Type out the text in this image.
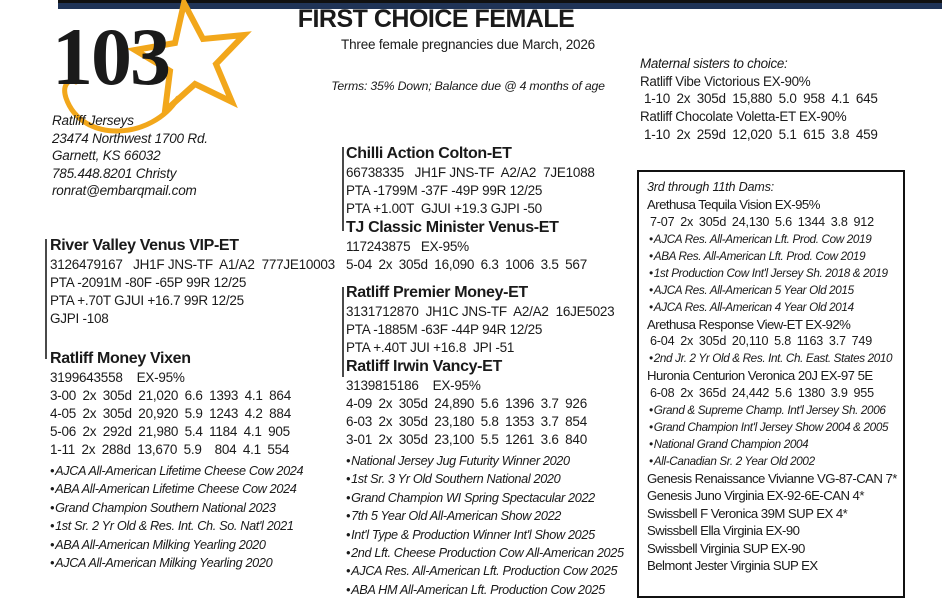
103
Ratliff Jerseys
23474 Northwest 1700 Rd.
Garnett, KS 66032
785.448.8201 Christy
ronrat@embarqmail.com
FIRST CHOICE FEMALE
Three female pregnancies due March, 2026
Terms: 35% Down; Balance due @ 4 months of age
Maternal sisters to choice:
Ratliff Vibe Victorious EX-90%
1-10 2x 305d 15,880 5.0 958 4.1 645
Ratliff Chocolate Voletta-ET EX-90%
1-10 2x 259d 12,020 5.1 615 3.8 459
River Valley Venus VIP-ET
3126479167   JH1F JNS-TF  A1/A2  777JE10003
PTA -2091M -80F -65P 99R 12/25
PTA +.70T GJUI +16.7 99R 12/25
GJPI -108
Ratliff Money Vixen
3199643558    EX-95%
3-00 2x 305d 21,020 6.6 1393 4.1 864
4-05 2x 305d 20,920 5.9 1243 4.2 884
5-06 2x 292d 21,980 5.4 1184 4.1 905
1-11 2x 288d 13,670 5.9  804 4.1 554
• AJCA All-American Lifetime Cheese Cow 2024
• ABA All-American Lifetime Cheese Cow 2024
• Grand Champion Southern National 2023
• 1st Sr. 2 Yr Old & Res. Int. Ch. So. Nat'l 2021
• ABA All-American Milking Yearling 2020
• AJCA All-American Milking Yearling 2020
Chilli Action Colton-ET
66738335   JH1F JNS-TF  A2/A2  7JE1088
PTA -1799M -37F -49P 99R 12/25
PTA +1.00T  GJUI +19.3 GJPI -50
TJ Classic Minister Venus-ET
117243875   EX-95%
5-04 2x 305d 16,090 6.3 1006 3.5 567
Ratliff Premier Money-ET
3131712870  JH1C JNS-TF  A2/A2  16JE5023
PTA -1885M -63F -44P 94R 12/25
PTA +.40T JUI +16.8  JPI -51
Ratliff Irwin Vancy-ET
3139815186    EX-95%
4-09 2x 305d 24,890 5.6 1396 3.7 926
6-03 2x 305d 23,180 5.8 1353 3.7 854
3-01 2x 305d 23,100 5.5 1261 3.6 840
• National Jersey Jug Futurity Winner 2020
• 1st Sr. 3 Yr Old Southern National 2020
• Grand Champion WI Spring Spectacular 2022
• 7th 5 Year Old All-American Show 2022
• Int'l Type & Production Winner Int'l Show 2025
• 2nd Lft. Cheese Production Cow All-American 2025
• AJCA Res. All-American Lft. Production Cow 2025
• ABA HM All-American Lft. Production Cow 2025
3rd through 11th Dams:
Arethusa Tequila Vision EX-95%
7-07 2x 305d 24,130 5.6 1344 3.8 912
• AJCA Res. All-American Lft. Prod. Cow 2019
• ABA Res. All-American Lft. Prod. Cow 2019
• 1st Production Cow Int'l Jersey Sh. 2018 & 2019
• AJCA Res. All-American 5 Year Old 2015
• AJCA Res. All-American 4 Year Old 2014
Arethusa Response View-ET EX-92%
6-04 2x 305d 20,110 5.8 1163 3.7 749
• 2nd Jr. 2 Yr Old & Res. Int. Ch. East. States 2010
Huronia Centurion Veronica 20J EX-97 5E
6-08 2x 365d 24,442 5.6 1380 3.9 955
• Grand & Supreme Champ. Int'l Jersey Sh. 2006
• Grand Champion Int'l Jersey Show 2004 & 2005
• National Grand Champion 2004
• All-Canadian Sr. 2 Year Old 2002
Genesis Renaissance Vivianne VG-87-CAN 7*
Genesis Juno Virginia EX-92-6E-CAN 4*
Swissbell F Veronica 39M SUP EX 4*
Swissbell Ella Virginia EX-90
Swissbell Virginia SUP EX-90
Belmont Jester Virginia SUP EX
